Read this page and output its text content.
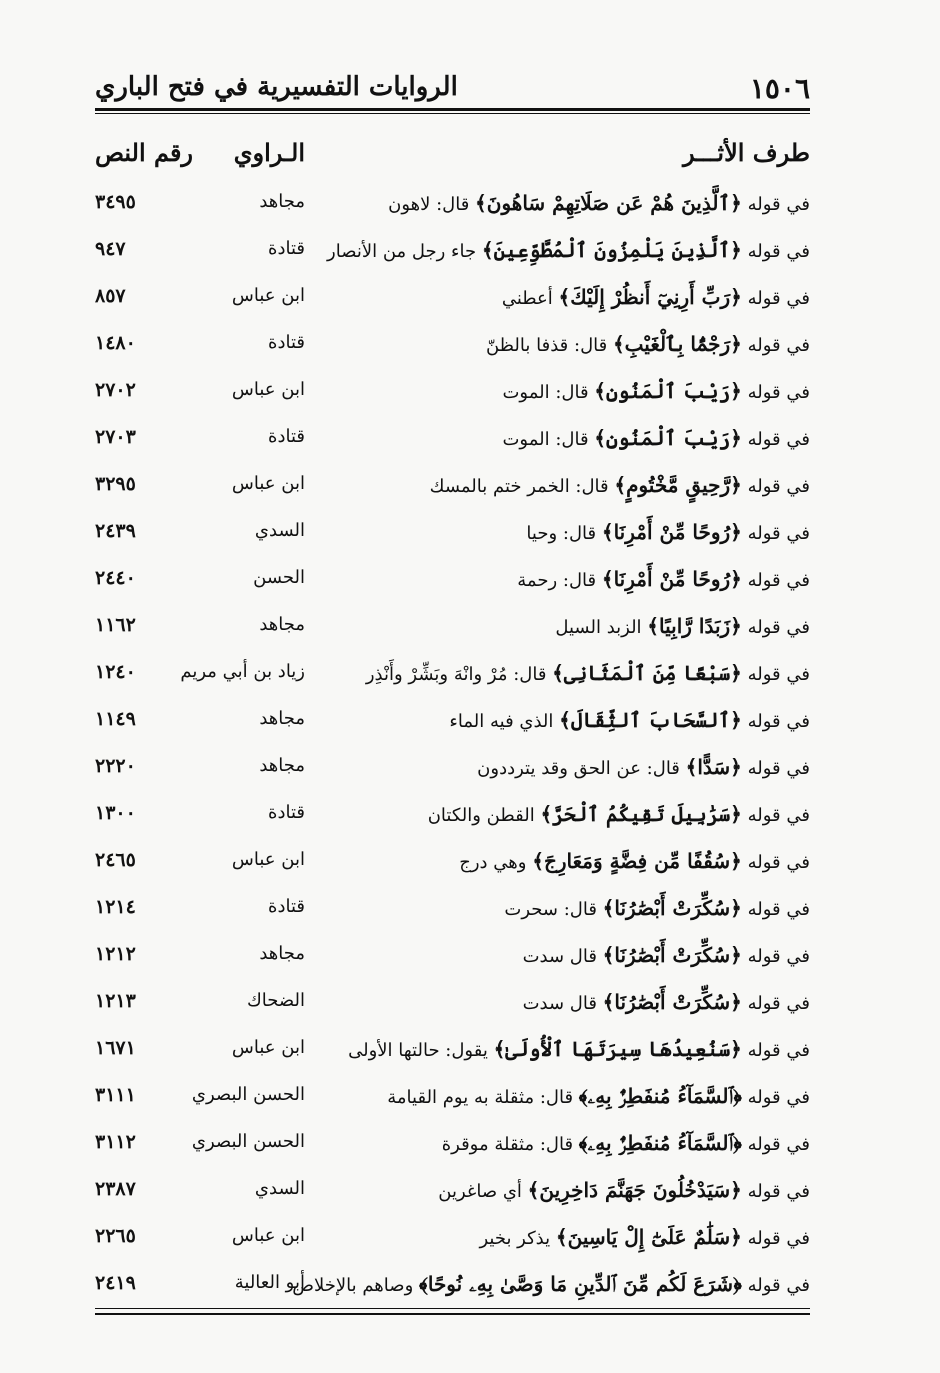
١٥٠٦
الروايات التفسيرية في فتح الباري
طرف الأثـــر
الـراوي
رقم النص
في قوله ﴿ٱلَّذِينَ هُمْ عَن صَلَاتِهِمْ سَاهُونَ﴾ قال: لاهون
مجاهد
٣٤٩٥
في قوله ﴿ٱلَّذِينَ يَلْمِزُونَ ٱلْمُطَّوِّعِينَ﴾ جاء رجل من الأنصار
قتادة
٩٤٧
في قوله ﴿رَبِّ أَرِنِيٓ أَنظُرْ إِلَيْكَ﴾ أعطني
ابن عباس
٨٥٧
في قوله ﴿رَجْمًۢا بِٱلْغَيْبِ﴾ قال: قذفا بالظنّ
قتادة
١٤٨٠
في قوله ﴿رَيْبَ ٱلْمَنُونِ﴾ قال: الموت
ابن عباس
٢٧٠٢
في قوله ﴿رَيْبَ ٱلْمَنُونِ﴾ قال: الموت
قتادة
٢٧٠٣
في قوله ﴿رَّحِيقٍ مَّخْتُومٍ﴾ قال: الخمر ختم بالمسك
ابن عباس
٣٢٩٥
في قوله ﴿رُوحًا مِّنْ أَمْرِنَا﴾ قال: وحيا
السدي
٢٤٣٩
في قوله ﴿رُوحًا مِّنْ أَمْرِنَا﴾ قال: رحمة
الحسن
٢٤٤٠
في قوله ﴿زَبَدًا رَّابِيًا﴾ الزبد السيل
مجاهد
١١٦٢
في قوله ﴿سَبْعًا مِّنَ ٱلْمَثَانِى﴾ قال: مُرْ وانْهَ وبَشِّرْ وأَنْذِر
زياد بن أبي مريم
١٢٤٠
في قوله ﴿ٱلسَّحَابَ ٱلثِّقَالَ﴾ الذي فيه الماء
مجاهد
١١٤٩
في قوله ﴿سَدًّا﴾ قال: عن الحق وقد يترددون
مجاهد
٢٢٢٠
في قوله ﴿سَرَٰبِيلَ تَقِيكُمُ ٱلْحَرَّ﴾ القطن والكتان
قتادة
١٣٠٠
في قوله ﴿سُقُفًا مِّن فِضَّةٍ وَمَعَارِجَ﴾ وهي درج
ابن عباس
٢٤٦٥
في قوله ﴿سُكِّرَتْ أَبْصَٰرُنَا﴾ قال: سحرت
قتادة
١٢١٤
في قوله ﴿سُكِّرَتْ أَبْصَٰرُنَا﴾ قال سدت
مجاهد
١٢١٢
في قوله ﴿سُكِّرَتْ أَبْصَٰرُنَا﴾ قال سدت
الضحاك
١٢١٣
في قوله ﴿سَنُعِيدُهَا سِيرَتَهَا ٱلْأُولَىٰ﴾ يقول: حالتها الأولى
ابن عباس
١٦٧١
في قوله ﴿ٱلسَّمَآءُ مُنفَطِرٌۢ بِهِۦ﴾ قال: مثقلة به يوم القيامة
الحسن البصري
٣١١١
في قوله ﴿ٱلسَّمَآءُ مُنفَطِرٌۢ بِهِۦ﴾ قال: مثقلة موقرة
الحسن البصري
٣١١٢
في قوله ﴿سَيَدْخُلُونَ جَهَنَّمَ دَاخِرِينَ﴾ أي صاغرين
السدي
٢٣٨٧
في قوله ﴿سَلَٰمٌ عَلَىٰٓ إِلْ يَاسِينَ﴾ يذكر بخير
ابن عباس
٢٢٦٥
في قوله ﴿شَرَعَ لَكُم مِّنَ ٱلدِّينِ مَا وَصَّىٰ بِهِۦ نُوحًا﴾ وصاهم بالإخلاص
أبو العالية
٢٤١٩
